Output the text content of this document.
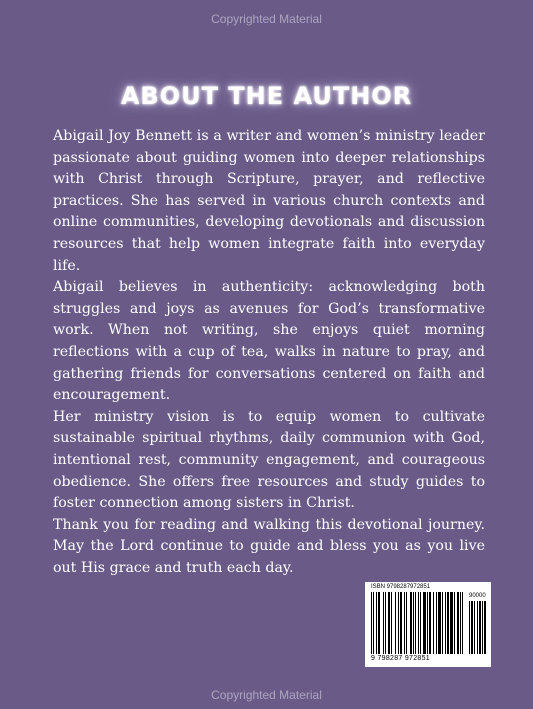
Copyrighted Material
ABOUT THE AUTHOR

Abigail Joy Bennett is a writer and women’s ministry leader passionate about guiding women into deeper relationships with Christ through Scripture, prayer, and reflective practices. She has served in various church contexts and online communities, developing devotionals and discussion resources that help women integrate faith into everyday life.

Abigail believes in authenticity: acknowledging both struggles and joys as avenues for God’s transformative work. When not writing, she enjoys quiet morning reflections with a cup of tea, walks in nature to pray, and gathering friends for conversations centered on faith and encouragement.

Her ministry vision is to equip women to cultivate sustainable spiritual rhythms, daily communion with God, intentional rest, community engagement, and courageous obedience. She offers free resources and study guides to foster connection among sisters in Christ.

Thank you for reading and walking this devotional journey. May the Lord continue to guide and bless you as you live out His grace and truth each day.

ISBN 9798287972851
90000
9 798287 972851
Copyrighted Material
